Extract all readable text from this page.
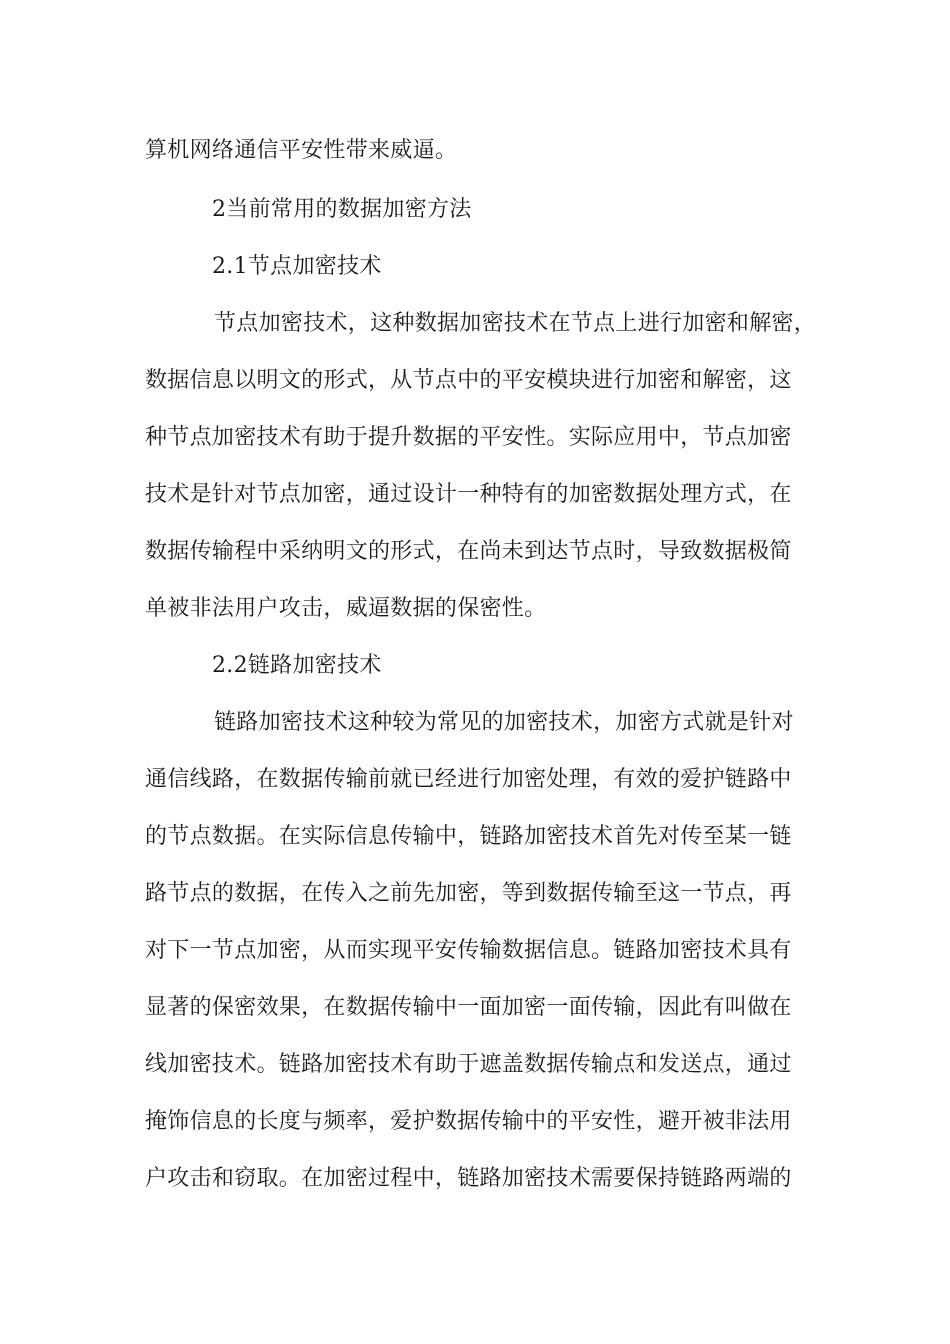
算机网络通信平安性带来威逼。
2当前常用的数据加密方法
2.1节点加密技术
节点加密技术，这种数据加密技术在节点上进行加密和解密，
数据信息以明文的形式，从节点中的平安模块进行加密和解密，这
种节点加密技术有助于提升数据的平安性。实际应用中，节点加密
技术是针对节点加密，通过设计一种特有的加密数据处理方式，在
数据传输程中采纳明文的形式，在尚未到达节点时，导致数据极简
单被非法用户攻击，威逼数据的保密性。
2.2链路加密技术
链路加密技术这种较为常见的加密技术，加密方式就是针对
通信线路，在数据传输前就已经进行加密处理，有效的爱护链路中
的节点数据。在实际信息传输中，链路加密技术首先对传至某一链
路节点的数据，在传入之前先加密，等到数据传输至这一节点，再
对下一节点加密，从而实现平安传输数据信息。链路加密技术具有
显著的保密效果，在数据传输中一面加密一面传输，因此有叫做在
线加密技术。链路加密技术有助于遮盖数据传输点和发送点，通过
掩饰信息的长度与频率，爱护数据传输中的平安性，避开被非法用
户攻击和窃取。在加密过程中，链路加密技术需要保持链路两端的
